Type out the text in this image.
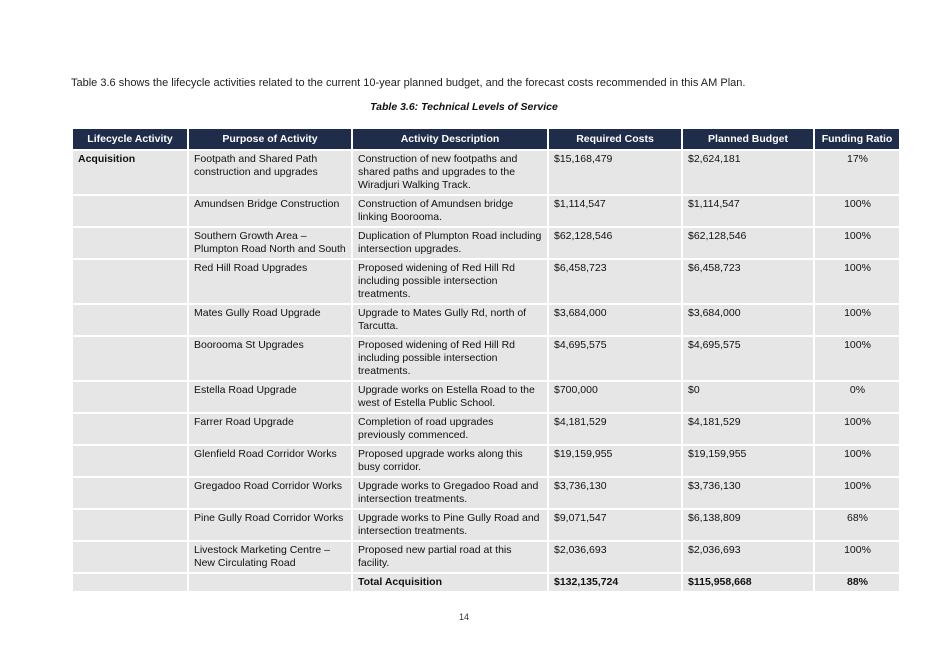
Table 3.6 shows the lifecycle activities related to the current 10-year planned budget, and the forecast costs recommended in this AM Plan.
Table 3.6: Technical Levels of Service
Lifecycle Activity	Purpose of Activity	Activity Description	Required Costs	Planned Budget	Funding Ratio
Acquisition	Footpath and Shared Path construction and upgrades	Construction of new footpaths and shared paths and upgrades to the Wiradjuri Walking Track.	$15,168,479	$2,624,181	17%
	Amundsen Bridge Construction	Construction of Amundsen bridge linking Boorooma.	$1,114,547	$1,114,547	100%
	Southern Growth Area – Plumpton Road North and South	Duplication of Plumpton Road including intersection upgrades.	$62,128,546	$62,128,546	100%
	Red Hill Road Upgrades	Proposed widening of Red Hill Rd including possible intersection treatments.	$6,458,723	$6,458,723	100%
	Mates Gully Road Upgrade	Upgrade to Mates Gully Rd, north of Tarcutta.	$3,684,000	$3,684,000	100%
	Boorooma St Upgrades	Proposed widening of Red Hill Rd including possible intersection treatments.	$4,695,575	$4,695,575	100%
	Estella Road Upgrade	Upgrade works on Estella Road to the west of Estella Public School.	$700,000	$0	0%
	Farrer Road Upgrade	Completion of road upgrades previously commenced.	$4,181,529	$4,181,529	100%
	Glenfield Road Corridor Works	Proposed upgrade works along this busy corridor.	$19,159,955	$19,159,955	100%
	Gregadoo Road Corridor Works	Upgrade works to Gregadoo Road and intersection treatments.	$3,736,130	$3,736,130	100%
	Pine Gully Road Corridor Works	Upgrade works to Pine Gully Road and intersection treatments.	$9,071,547	$6,138,809	68%
	Livestock Marketing Centre – New Circulating Road	Proposed new partial road at this facility.	$2,036,693	$2,036,693	100%
		Total Acquisition	$132,135,724	$115,958,668	88%
14
